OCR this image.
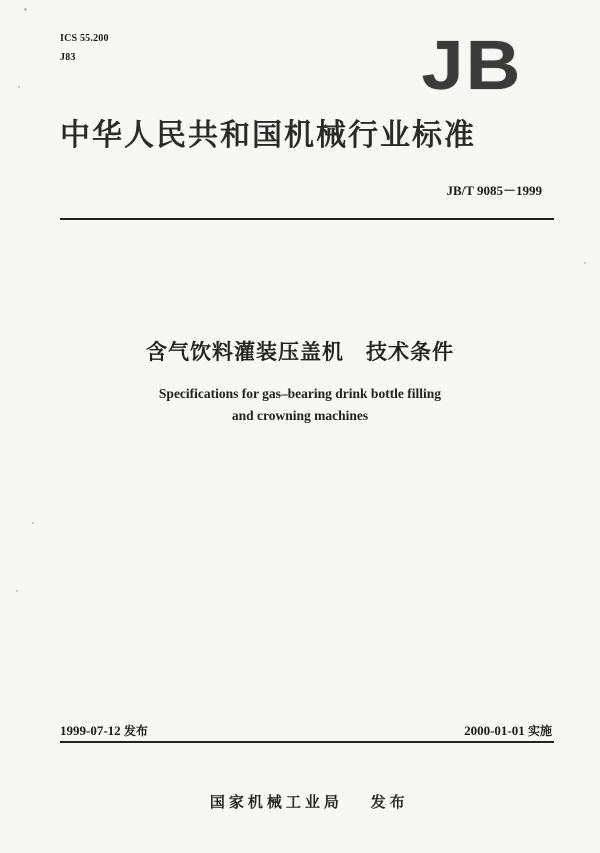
ICS 55.200
J83	JB
中华人民共和国机械行业标准
JB/T 9085－1999
含气饮料灌装压盖机　技术条件
Specifications for gas–bearing drink bottle filling
and crowning machines
1999-07-12 发布	2000-01-01 实施

国家机械工业局 发布
